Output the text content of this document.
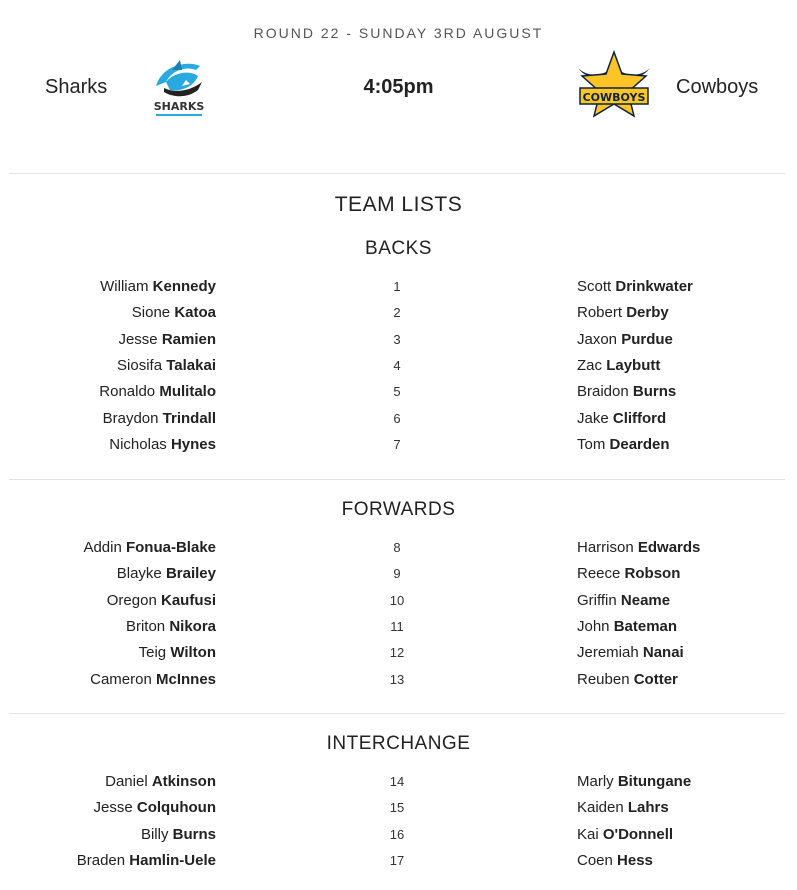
ROUND 22 - SUNDAY 3RD AUGUST
Sharks
SHARKS
4:05pm	COWBOYS Cowboys
TEAM LISTS
BACKS
William Kennedy	1	Scott Drinkwater
Sione Katoa	2	Robert Derby
Jesse Ramien	3	Jaxon Purdue
Siosifa Talakai	4	Zac Laybutt
Ronaldo Mulitalo	5	Braidon Burns
Braydon Trindall	6	Jake Clifford
Nicholas Hynes	7	Tom Dearden
FORWARDS
Addin Fonua-Blake	8	Harrison Edwards
Blayke Brailey	9	Reece Robson
Oregon Kaufusi	10	Griffin Neame
Briton Nikora	11	John Bateman
Teig Wilton	12	Jeremiah Nanai
Cameron McInnes	13	Reuben Cotter
INTERCHANGE
Daniel Atkinson	14	Marly Bitungane
Jesse Colquhoun	15	Kaiden Lahrs
Billy Burns	16	Kai O'Donnell
Braden Hamlin-Uele	17	Coen Hess
